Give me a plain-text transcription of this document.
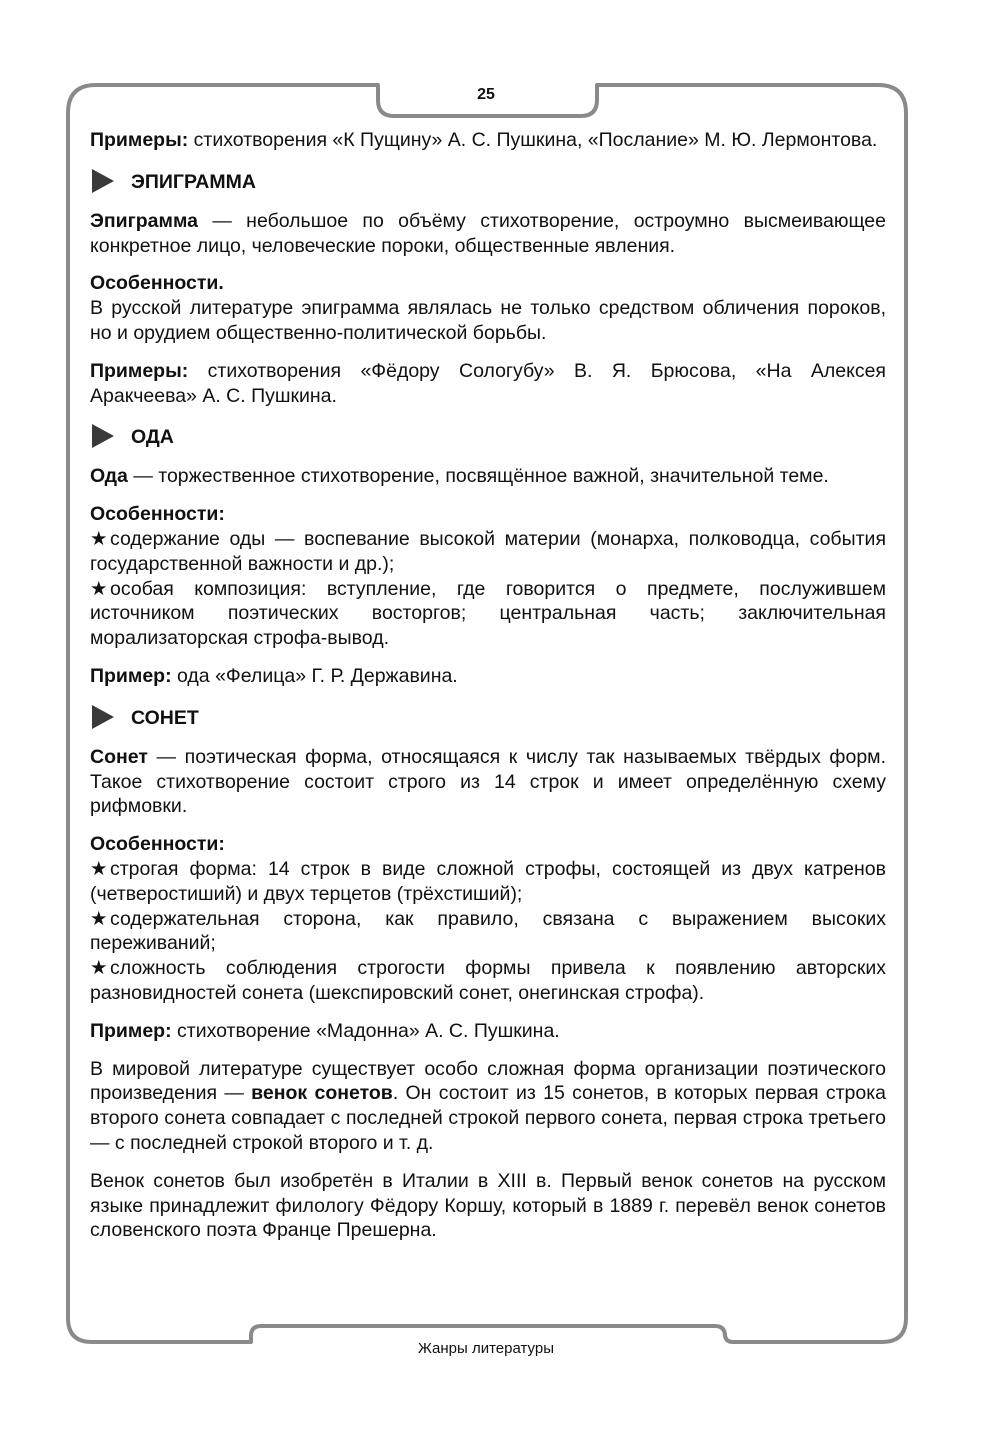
25

Примеры: стихотворения «К Пущину» А. С. Пушкина, «Послание» М. Ю. Лермонтова.

ЭПИГРАММА

Эпиграмма — небольшое по объёму стихотворение, остроумно высмеивающее конкретное лицо, человеческие пороки, общественные явления.

Особенности.

В русской литературе эпиграмма являлась не только средством обличения пороков, но и орудием общественно-политической борьбы.

Примеры: стихотворения «Фёдору Сологубу» В. Я. Брюсова, «На Алексея Аракчеева» А. С. Пушкина.

ОДА

Ода — торжественное стихотворение, посвящённое важной, значительной теме.

Особенности:

★ содержание оды — воспевание высокой материи (монарха, полководца, события государственной важности и др.);

★ особая композиция: вступление, где говорится о предмете, послужившем источником поэтических восторгов; центральная часть; заключительная морализаторская строфа-вывод.

Пример: ода «Фелица» Г. Р. Державина.

СОНЕТ

Сонет — поэтическая форма, относящаяся к числу так называемых твёрдых форм. Такое стихотворение состоит строго из 14 строк и имеет определённую схему рифмовки.

Особенности:

★ строгая форма: 14 строк в виде сложной строфы, состоящей из двух катренов (четверостиший) и двух терцетов (трёхстиший);

★ содержательная сторона, как правило, связана с выражением высоких переживаний;

★ сложность соблюдения строгости формы привела к появлению авторских разновидностей сонета (шекспировский сонет, онегинская строфа).

Пример: стихотворение «Мадонна» А. С. Пушкина.

В мировой литературе существует особо сложная форма организации поэтического произведения — венок сонетов. Он состоит из 15 сонетов, в которых первая строка второго сонета совпадает с последней строкой первого сонета, первая строка третьего — с последней строкой второго и т. д.

Венок сонетов был изобретён в Италии в XIII в. Первый венок сонетов на русском языке принадлежит филологу Фёдору Коршу, который в 1889 г. перевёл венок сонетов словенского поэта Франце Прешерна.

Жанры литературы
